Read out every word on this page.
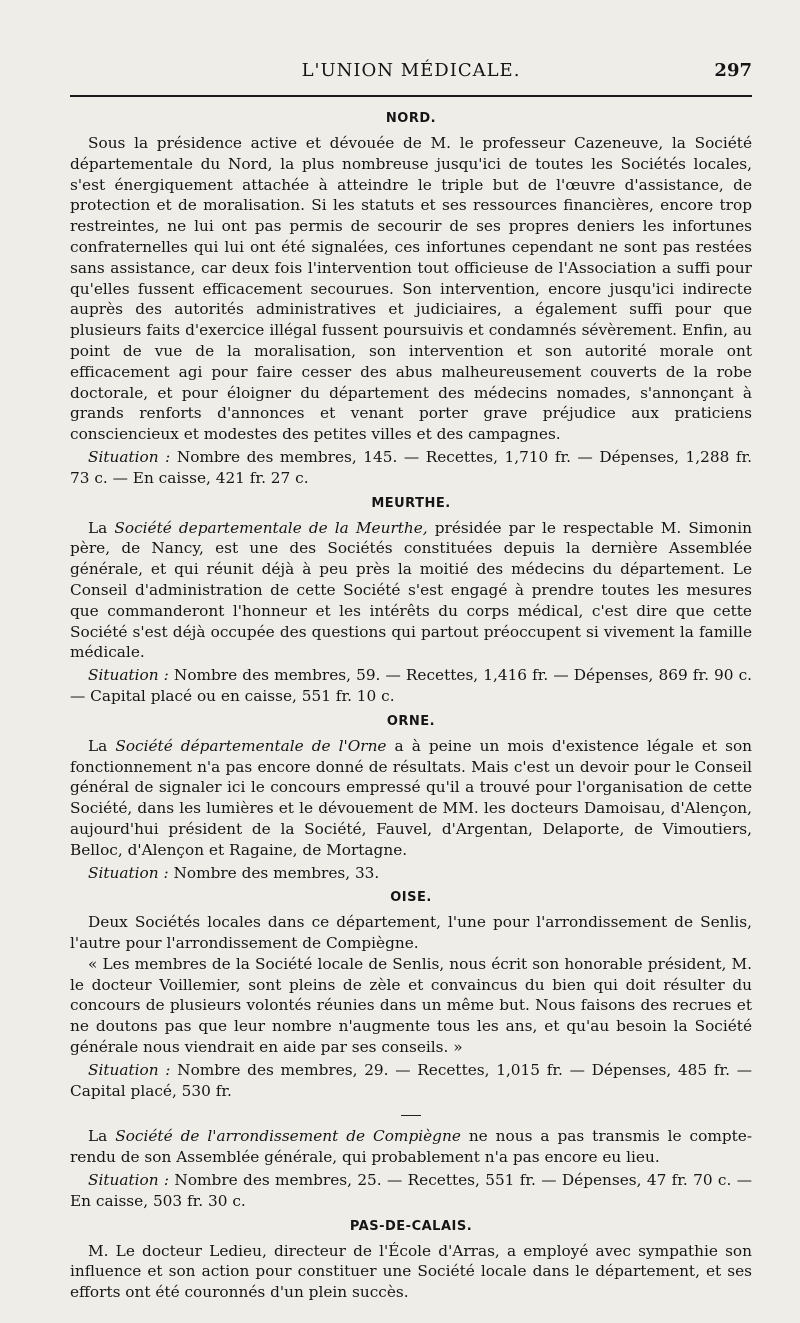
L'UNION MÉDICALE.	297
NORD.

Sous la présidence active et dévouée de M. le professeur Cazeneuve, la Société départementale du Nord, la plus nombreuse jusqu'ici de toutes les Sociétés locales, s'est énergiquement attachée à atteindre le triple but de l'œuvre d'assistance, de protection et de moralisation. Si les statuts et ses ressources financières, encore trop restreintes, ne lui ont pas permis de secourir de ses propres deniers les infortunes confraternelles qui lui ont été signalées, ces infortunes cependant ne sont pas restées sans assistance, car deux fois l'intervention tout officieuse de l'Association a suffi pour qu'elles fussent efficacement secourues. Son intervention, encore jusqu'ici indirecte auprès des autorités administratives et judiciaires, a également suffi pour que plusieurs faits d'exercice illégal fussent poursuivis et condamnés sévèrement. Enfin, au point de vue de la moralisation, son intervention et son autorité morale ont efficacement agi pour faire cesser des abus malheureusement couverts de la robe doctorale, et pour éloigner du département des médecins nomades, s'annonçant à grands renforts d'annonces et venant porter grave préjudice aux praticiens consciencieux et modestes des petites villes et des campagnes.

Situation : Nombre des membres, 145. — Recettes, 1,710 fr. — Dépenses, 1,288 fr. 73 c. — En caisse, 421 fr. 27 c.

MEURTHE.

La Société departementale de la Meurthe, présidée par le respectable M. Simonin père, de Nancy, est une des Sociétés constituées depuis la dernière Assemblée générale, et qui réunit déjà à peu près la moitié des médecins du département. Le Conseil d'administration de cette Société s'est engagé à prendre toutes les mesures que commanderont l'honneur et les intérêts du corps médical, c'est dire que cette Société s'est déjà occupée des questions qui partout préoccupent si vivement la famille médicale.

Situation : Nombre des membres, 59. — Recettes, 1,416 fr. — Dépenses, 869 fr. 90 c. — Capital placé ou en caisse, 551 fr. 10 c.

ORNE.

La Société départementale de l'Orne a à peine un mois d'existence légale et son fonctionnement n'a pas encore donné de résultats. Mais c'est un devoir pour le Conseil général de signaler ici le concours empressé qu'il a trouvé pour l'organisation de cette Société, dans les lumières et le dévouement de MM. les docteurs Damoisau, d'Alençon, aujourd'hui président de la Société, Fauvel, d'Argentan, Delaporte, de Vimoutiers, Belloc, d'Alençon et Ragaine, de Mortagne.

Situation : Nombre des membres, 33.

OISE.

Deux Sociétés locales dans ce département, l'une pour l'arrondissement de Senlis, l'autre pour l'arrondissement de Compiègne.

« Les membres de la Société locale de Senlis, nous écrit son honorable président, M. le docteur Voillemier, sont pleins de zèle et convaincus du bien qui doit résulter du concours de plusieurs volontés réunies dans un même but. Nous faisons des recrues et ne doutons pas que leur nombre n'augmente tous les ans, et qu'au besoin la Société générale nous viendrait en aide par ses conseils. »

Situation : Nombre des membres, 29. — Recettes, 1,015 fr. — Dépenses, 485 fr. — Capital placé, 530 fr.

La Société de l'arrondissement de Compiègne ne nous a pas transmis le compte-rendu de son Assemblée générale, qui probablement n'a pas encore eu lieu.

Situation : Nombre des membres, 25. — Recettes, 551 fr. — Dépenses, 47 fr. 70 c. — En caisse, 503 fr. 30 c.

PAS-DE-CALAIS.

M. Le docteur Ledieu, directeur de l'École d'Arras, a employé avec sympathie son influence et son action pour constituer une Société locale dans le département, et ses efforts ont été couronnés d'un plein succès.
